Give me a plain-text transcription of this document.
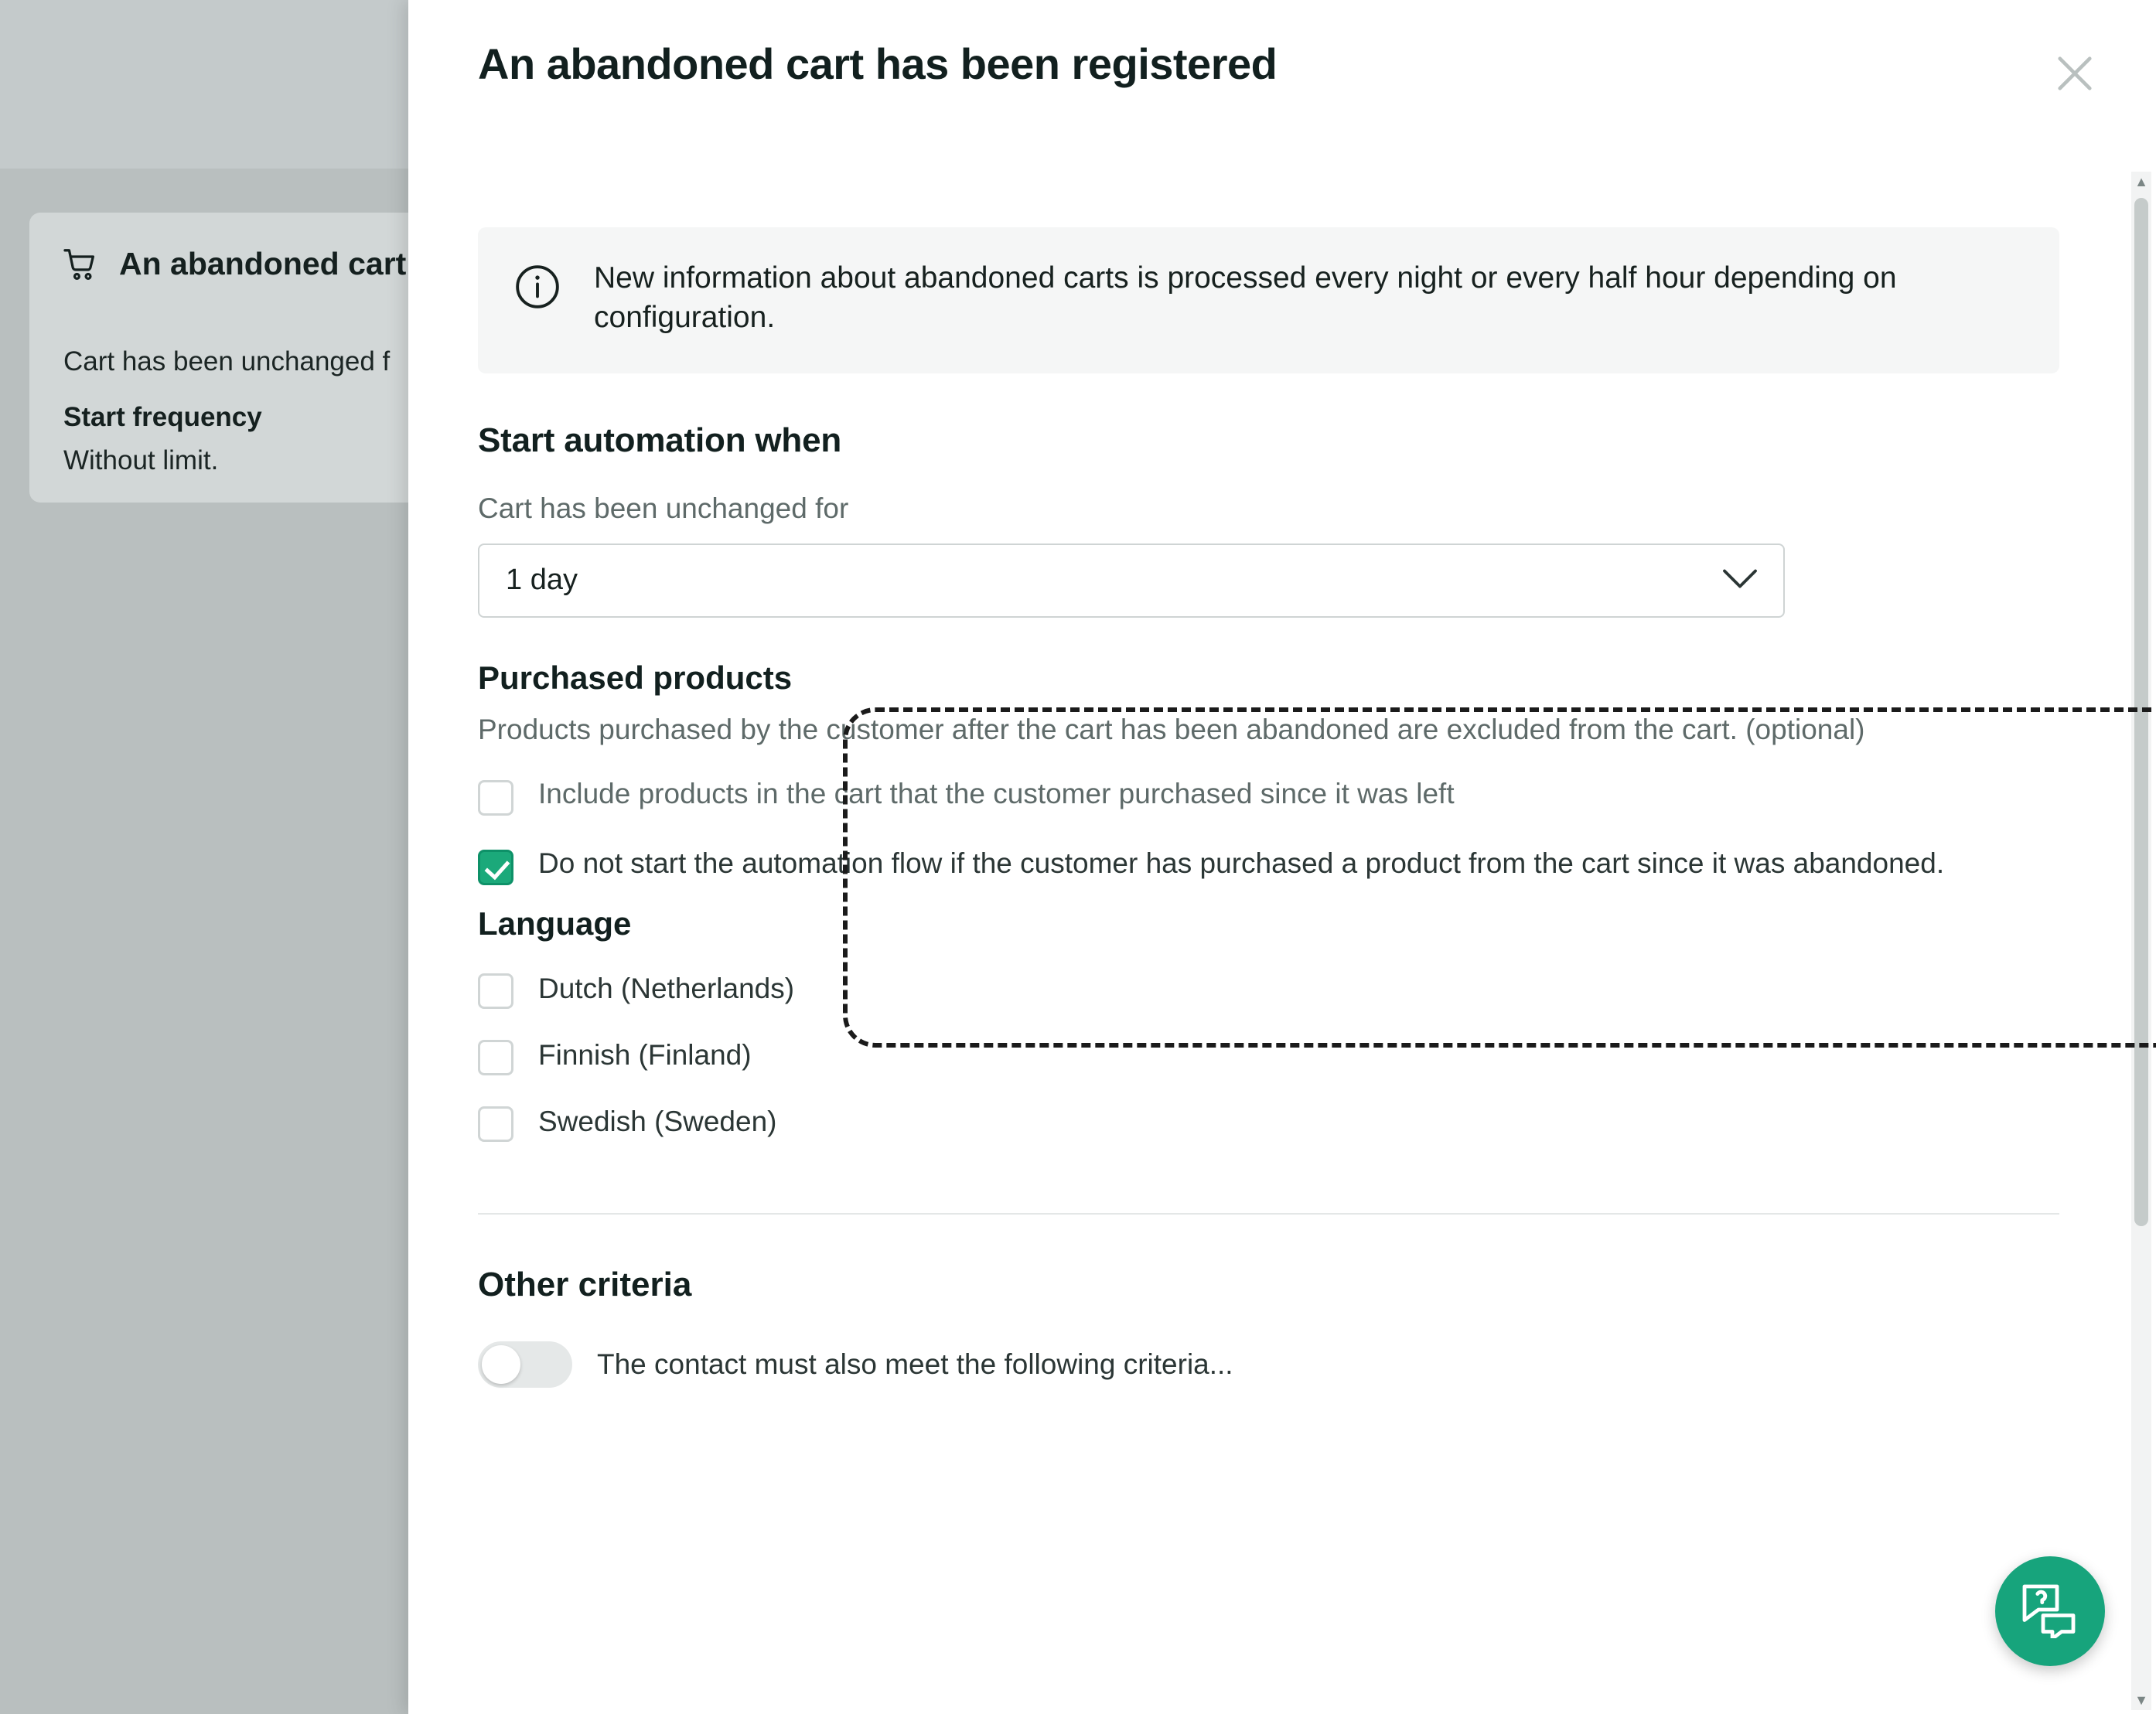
An abandoned cart
Cart has been unchanged f
Start frequency
Without limit.
An abandoned cart has been registered
New information about abandoned carts is processed every night or every half hour depending on configuration.
Start automation when
Cart has been unchanged for
1 day
Purchased products
Products purchased by the customer after the cart has been abandoned are excluded from the cart. (optional)
Include products in the cart that the customer purchased since it was left
Do not start the automation flow if the customer has purchased a product from the cart since it was abandoned.
Language
Dutch (Netherlands)
Finnish (Finland)
Swedish (Sweden)
Other criteria
The contact must also meet the following criteria...
▲
▼
